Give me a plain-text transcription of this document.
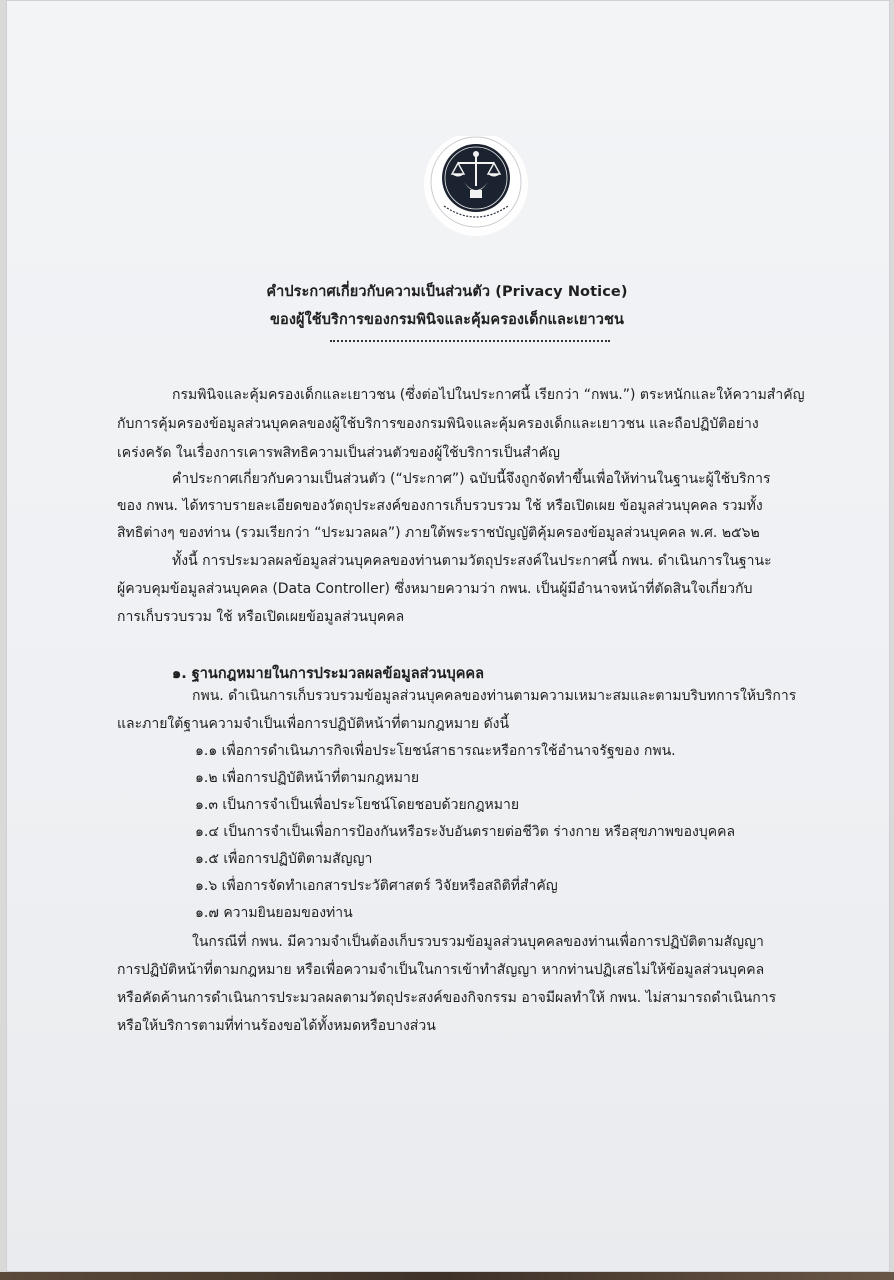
คำประกาศเกี่ยวกับความเป็นส่วนตัว (Privacy Notice)
ของผู้ใช้บริการของกรมพินิจและคุ้มครองเด็กและเยาวชน
กรมพินิจและคุ้มครองเด็กและเยาวชน (ซึ่งต่อไปในประกาศนี้ เรียกว่า “กพน.”) ตระหนักและให้ความสำคัญ
กับการคุ้มครองข้อมูลส่วนบุคคลของผู้ใช้บริการของกรมพินิจและคุ้มครองเด็กและเยาวชน และถือปฏิบัติอย่าง
เคร่งครัด ในเรื่องการเคารพสิทธิความเป็นส่วนตัวของผู้ใช้บริการเป็นสำคัญ
คำประกาศเกี่ยวกับความเป็นส่วนตัว (“ประกาศ”) ฉบับนี้จึงถูกจัดทำขึ้นเพื่อให้ท่านในฐานะผู้ใช้บริการ
ของ กพน. ได้ทราบรายละเอียดของวัตถุประสงค์ของการเก็บรวบรวม ใช้ หรือเปิดเผย ข้อมูลส่วนบุคคล รวมทั้ง
สิทธิต่างๆ ของท่าน (รวมเรียกว่า “ประมวลผล”) ภายใต้พระราชบัญญัติคุ้มครองข้อมูลส่วนบุคคล พ.ศ. ๒๕๖๒
ทั้งนี้ การประมวลผลข้อมูลส่วนบุคคลของท่านตามวัตถุประสงค์ในประกาศนี้ กพน. ดำเนินการในฐานะ
ผู้ควบคุมข้อมูลส่วนบุคคล (Data Controller) ซึ่งหมายความว่า กพน. เป็นผู้มีอำนาจหน้าที่ตัดสินใจเกี่ยวกับ
การเก็บรวบรวม ใช้ หรือเปิดเผยข้อมูลส่วนบุคคล
๑. ฐานกฎหมายในการประมวลผลข้อมูลส่วนบุคคล
กพน. ดำเนินการเก็บรวบรวมข้อมูลส่วนบุคคลของท่านตามความเหมาะสมและตามบริบทการให้บริการ
และภายใต้ฐานความจำเป็นเพื่อการปฏิบัติหน้าที่ตามกฎหมาย ดังนี้
๑.๑ เพื่อการดำเนินภารกิจเพื่อประโยชน์สาธารณะหรือการใช้อำนาจรัฐของ กพน.
๑.๒ เพื่อการปฏิบัติหน้าที่ตามกฎหมาย
๑.๓ เป็นการจำเป็นเพื่อประโยชน์โดยชอบด้วยกฎหมาย
๑.๔ เป็นการจำเป็นเพื่อการป้องกันหรือระงับอันตรายต่อชีวิต ร่างกาย หรือสุขภาพของบุคคล
๑.๕ เพื่อการปฏิบัติตามสัญญา
๑.๖ เพื่อการจัดทำเอกสารประวัติศาสตร์ วิจัยหรือสถิติที่สำคัญ
๑.๗ ความยินยอมของท่าน
ในกรณีที่ กพน. มีความจำเป็นต้องเก็บรวบรวมข้อมูลส่วนบุคคลของท่านเพื่อการปฏิบัติตามสัญญา
การปฏิบัติหน้าที่ตามกฎหมาย หรือเพื่อความจำเป็นในการเข้าทำสัญญา หากท่านปฏิเสธไม่ให้ข้อมูลส่วนบุคคล
หรือคัดค้านการดำเนินการประมวลผลตามวัตถุประสงค์ของกิจกรรม อาจมีผลทำให้ กพน. ไม่สามารถดำเนินการ
หรือให้บริการตามที่ท่านร้องขอได้ทั้งหมดหรือบางส่วน
